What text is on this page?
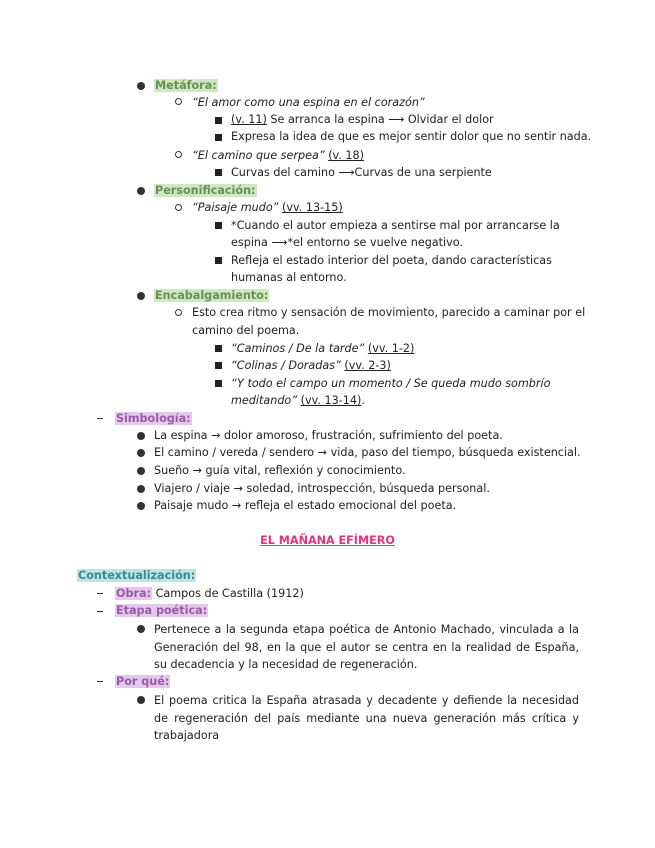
Metáfora:
“El amor como una espina en el corazón”
(v. 11) Se arranca la espina ⟶ Olvidar el dolor
Expresa la idea de que es mejor sentir dolor que no sentir nada.
“El camino que serpea” (v. 18)
Curvas del camino ⟶Curvas de una serpiente
Personificación:
“Paisaje mudo” (vv. 13-15)
*Cuando el autor empieza a sentirse mal por arrancarse la
espina ⟶*el entorno se vuelve negativo.
Refleja el estado interior del poeta, dando características
humanas al entorno.
Encabalgamiento:
Esto crea ritmo y sensación de movimiento, parecido a caminar por el
camino del poema.
“Caminos / De la tarde” (vv. 1-2)
“Colinas / Doradas” (vv. 2-3)
“Y todo el campo un momento / Se queda mudo sombrío
meditando” (vv. 13-14).
Simbología:
La espina → dolor amoroso, frustración, sufrimiento del poeta.
El camino / vereda / sendero → vida, paso del tiempo, búsqueda existencial.
Sueño → guía vital, reflexión y conocimiento.
Viajero / viaje → soledad, introspección, búsqueda personal.
Paisaje mudo → refleja el estado emocional del poeta.
EL MAÑANA EFÍMERO
Contextualización:
Obra: Campos de Castilla (1912)
Etapa poética:
Pertenece a la segunda etapa poética de Antonio Machado, vinculada a la Generación del 98, en la que el autor se centra en la realidad de España, su decadencia y la necesidad de regeneración.
Por qué:
El poema critica la España atrasada y decadente y defiende la necesidad de regeneración del país mediante una nueva generación más crítica y trabajadora
